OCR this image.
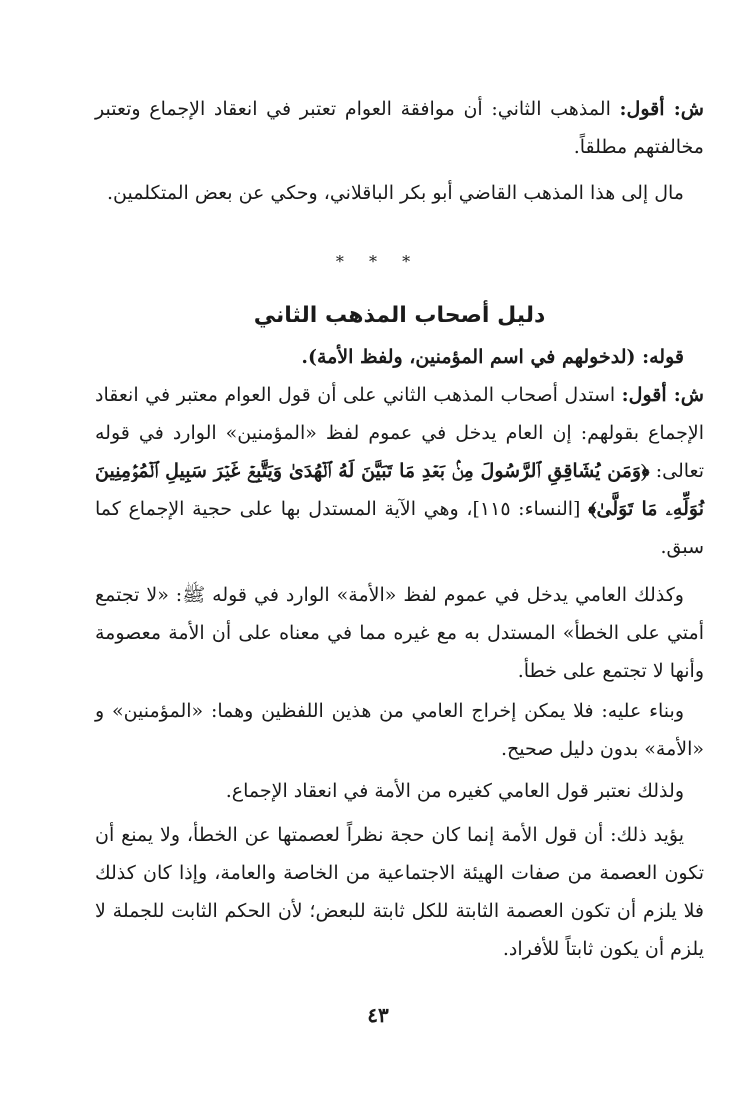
ش: أقول: المذهب الثاني: أن موافقة العوام تعتبر في انعقاد الإجماع وتعتبر مخالفتهم مطلقاً.

مال إلى هذا المذهب القاضي أبو بكر الباقلاني، وحكي عن بعض المتكلمين.

* * *
دليل أصحاب المذهب الثاني

قوله: (لدخولهم في اسم المؤمنين، ولفظ الأمة).

ش: أقول: استدل أصحاب المذهب الثاني على أن قول العوام معتبر في انعقاد الإجماع بقولهم: إن العام يدخل في عموم لفظ «المؤمنين» الوارد في قوله تعالى: ﴿وَمَن يُشَاقِقِ ٱلرَّسُولَ مِنۢ بَعۡدِ مَا تَبَيَّنَ لَهُ ٱلۡهُدَىٰ وَيَتَّبِعۡ غَيۡرَ سَبِيلِ ٱلۡمُؤۡمِنِينَ نُوَلِّهِۦ مَا تَوَلَّىٰ﴾ [النساء: ١١٥]، وهي الآية المستدل بها على حجية الإجماع كما سبق.

وكذلك العامي يدخل في عموم لفظ «الأمة» الوارد في قوله ﷺ: «لا تجتمع أمتي على الخطأ» المستدل به مع غيره مما في معناه على أن الأمة معصومة وأنها لا تجتمع على خطأ.

وبناء عليه: فلا يمكن إخراج العامي من هذين اللفظين وهما: «المؤمنين» و «الأمة» بدون دليل صحيح.

ولذلك نعتبر قول العامي كغيره من الأمة في انعقاد الإجماع.

يؤيد ذلك: أن قول الأمة إنما كان حجة نظراً لعصمتها عن الخطأ، ولا يمنع أن تكون العصمة من صفات الهيئة الاجتماعية من الخاصة والعامة، وإذا كان كذلك فلا يلزم أن تكون العصمة الثابتة للكل ثابتة للبعض؛ لأن الحكم الثابت للجملة لا يلزم أن يكون ثابتاً للأفراد.

٤٣
